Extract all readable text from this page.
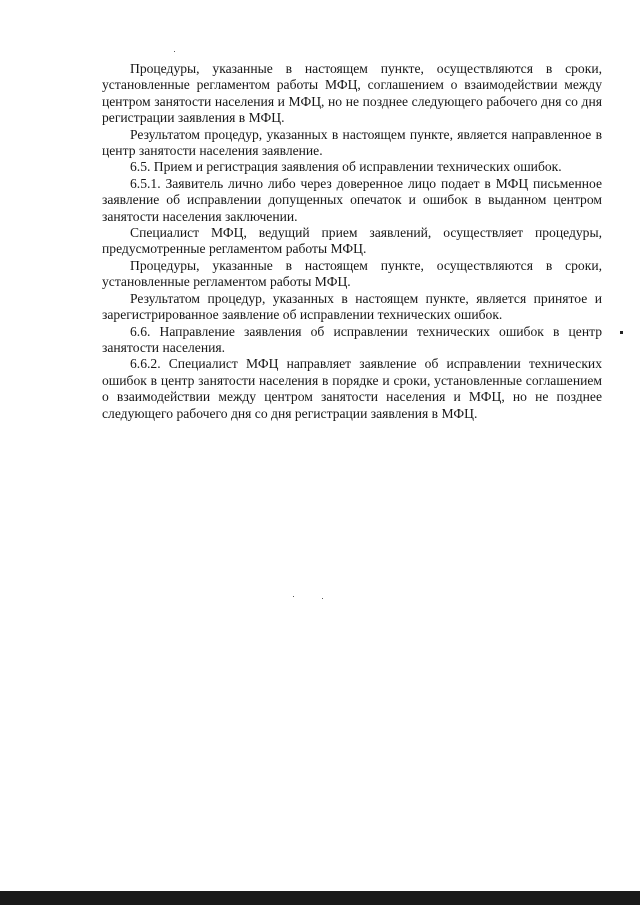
Процедуры, указанные в настоящем пункте, осуществляются в сроки, установленные регламентом работы МФЦ, соглашением о взаимодействии между центром занятости населения и МФЦ, но не позднее следующего рабочего дня со дня регистрации заявления в МФЦ.

Результатом процедур, указанных в настоящем пункте, является направленное в центр занятости населения заявление.

6.5. Прием и регистрация заявления об исправлении технических ошибок.

6.5.1. Заявитель лично либо через доверенное лицо подает в МФЦ письменное заявление об исправлении допущенных опечаток и ошибок в выданном центром занятости населения заключении.

Специалист МФЦ, ведущий прием заявлений, осуществляет процедуры, предусмотренные регламентом работы МФЦ.

Процедуры, указанные в настоящем пункте, осуществляются в сроки, установленные регламентом работы МФЦ.

Результатом процедур, указанных в настоящем пункте, является принятое и зарегистрированное заявление об исправлении технических ошибок.

6.6. Направление заявления об исправлении технических ошибок в центр занятости населения.

6.6.2. Специалист МФЦ направляет заявление об исправлении технических ошибок в центр занятости населения в порядке и сроки, установленные соглашением о взаимодействии между центром занятости населения и МФЦ, но не позднее следующего рабочего дня со дня регистрации заявления в МФЦ.
